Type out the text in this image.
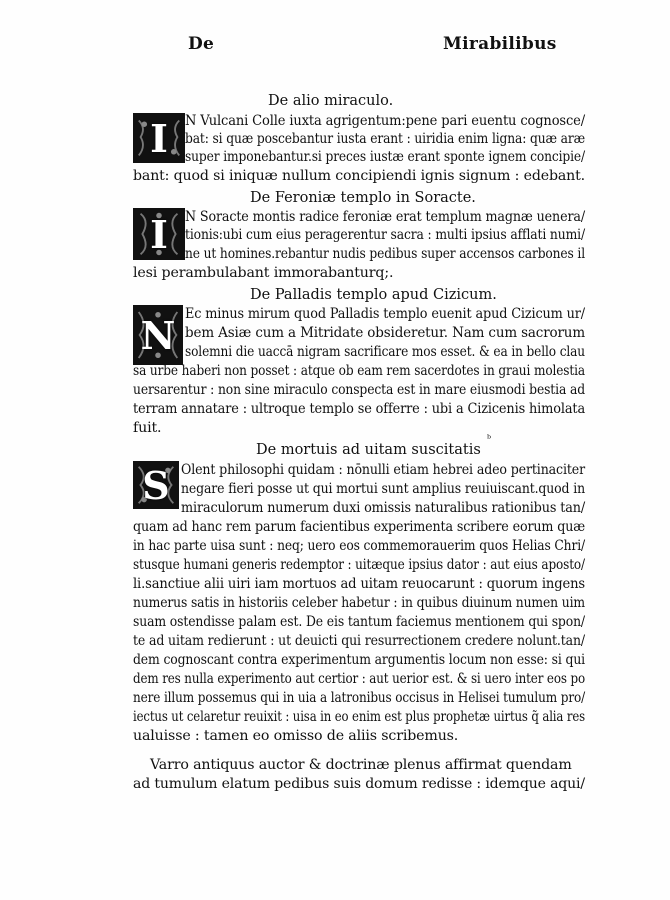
De	Mirabilibus
De alio miraculo.
I N Vulcani Colle iuxta agrigentum:pene pari euentu cognosce/
bat: si quæ poscebantur iusta erant : uiridia enim ligna: quæ aræ
super imponebantur.si preces iustæ erant sponte ignem concipie/
bant: quod si iniquæ nullum concipiendi ignis signum : edebant.
De Feroniæ templo in Soracte.
I N Soracte montis radice feroniæ erat templum magnæ uenera/
tionis:ubi cum eius peragerentur sacra : multi ipsius afflati numi/
ne ut homines.rebantur nudis pedibus super accensos carbones il
lesi perambulabant immorabanturq;.
De Palladis templo apud Cizicum.
N Ec minus mirum quod Palladis templo euenit apud Cizicum ur/
bem Asiæ cum a Mitridate obsideretur. Nam cum sacrorum
solemni die uaccā nigram sacrificare mos esset. & ea in bello clau
sa urbe haberi non posset : atque ob eam rem sacerdotes in graui molestia
uersarentur : non sine miraculo conspecta est in mare eiusmodi bestia ad
terram annatare : ultroque templo se offerre : ubi a Cizicenis himolata
fuit.
ᵇ
De mortuis ad uitam suscitatis
S Olent philosophi quidam : nōnulli etiam hebrei adeo pertinaciter
negare fieri posse ut qui mortui sunt amplius reuiuiscant.quod in
miraculorum numerum duxi omissis naturalibus rationibus tan/
quam ad hanc rem parum facientibus experimenta scribere eorum quæ
in hac parte uisa sunt : neq; uero eos commemorauerim quos Helias Chri/
stusque humani generis redemptor : uitæque ipsius dator : aut eius aposto/
li.sanctiue alii uiri iam mortuos ad uitam reuocarunt : quorum ingens
numerus satis in historiis celeber habetur : in quibus diuinum numen uim
suam ostendisse palam est. De eis tantum faciemus mentionem qui spon/
te ad uitam redierunt : ut deuicti qui resurrectionem credere nolunt.tan/
dem cognoscant contra experimentum argumentis locum non esse: si qui
dem res nulla experimento aut certior : aut uerior est. & si uero inter eos po
nere illum possemus qui in uia a latronibus occisus in Helisei tumulum pro/
iectus ut celaretur reuixit : uisa in eo enim est plus prophetæ uirtus q̃ alia res
ualuisse : tamen eo omisso de aliis scribemus.
Varro antiquus auctor & doctrinæ plenus affirmat quendam
ad tumulum elatum pedibus suis domum redisse : idemque aqui/
